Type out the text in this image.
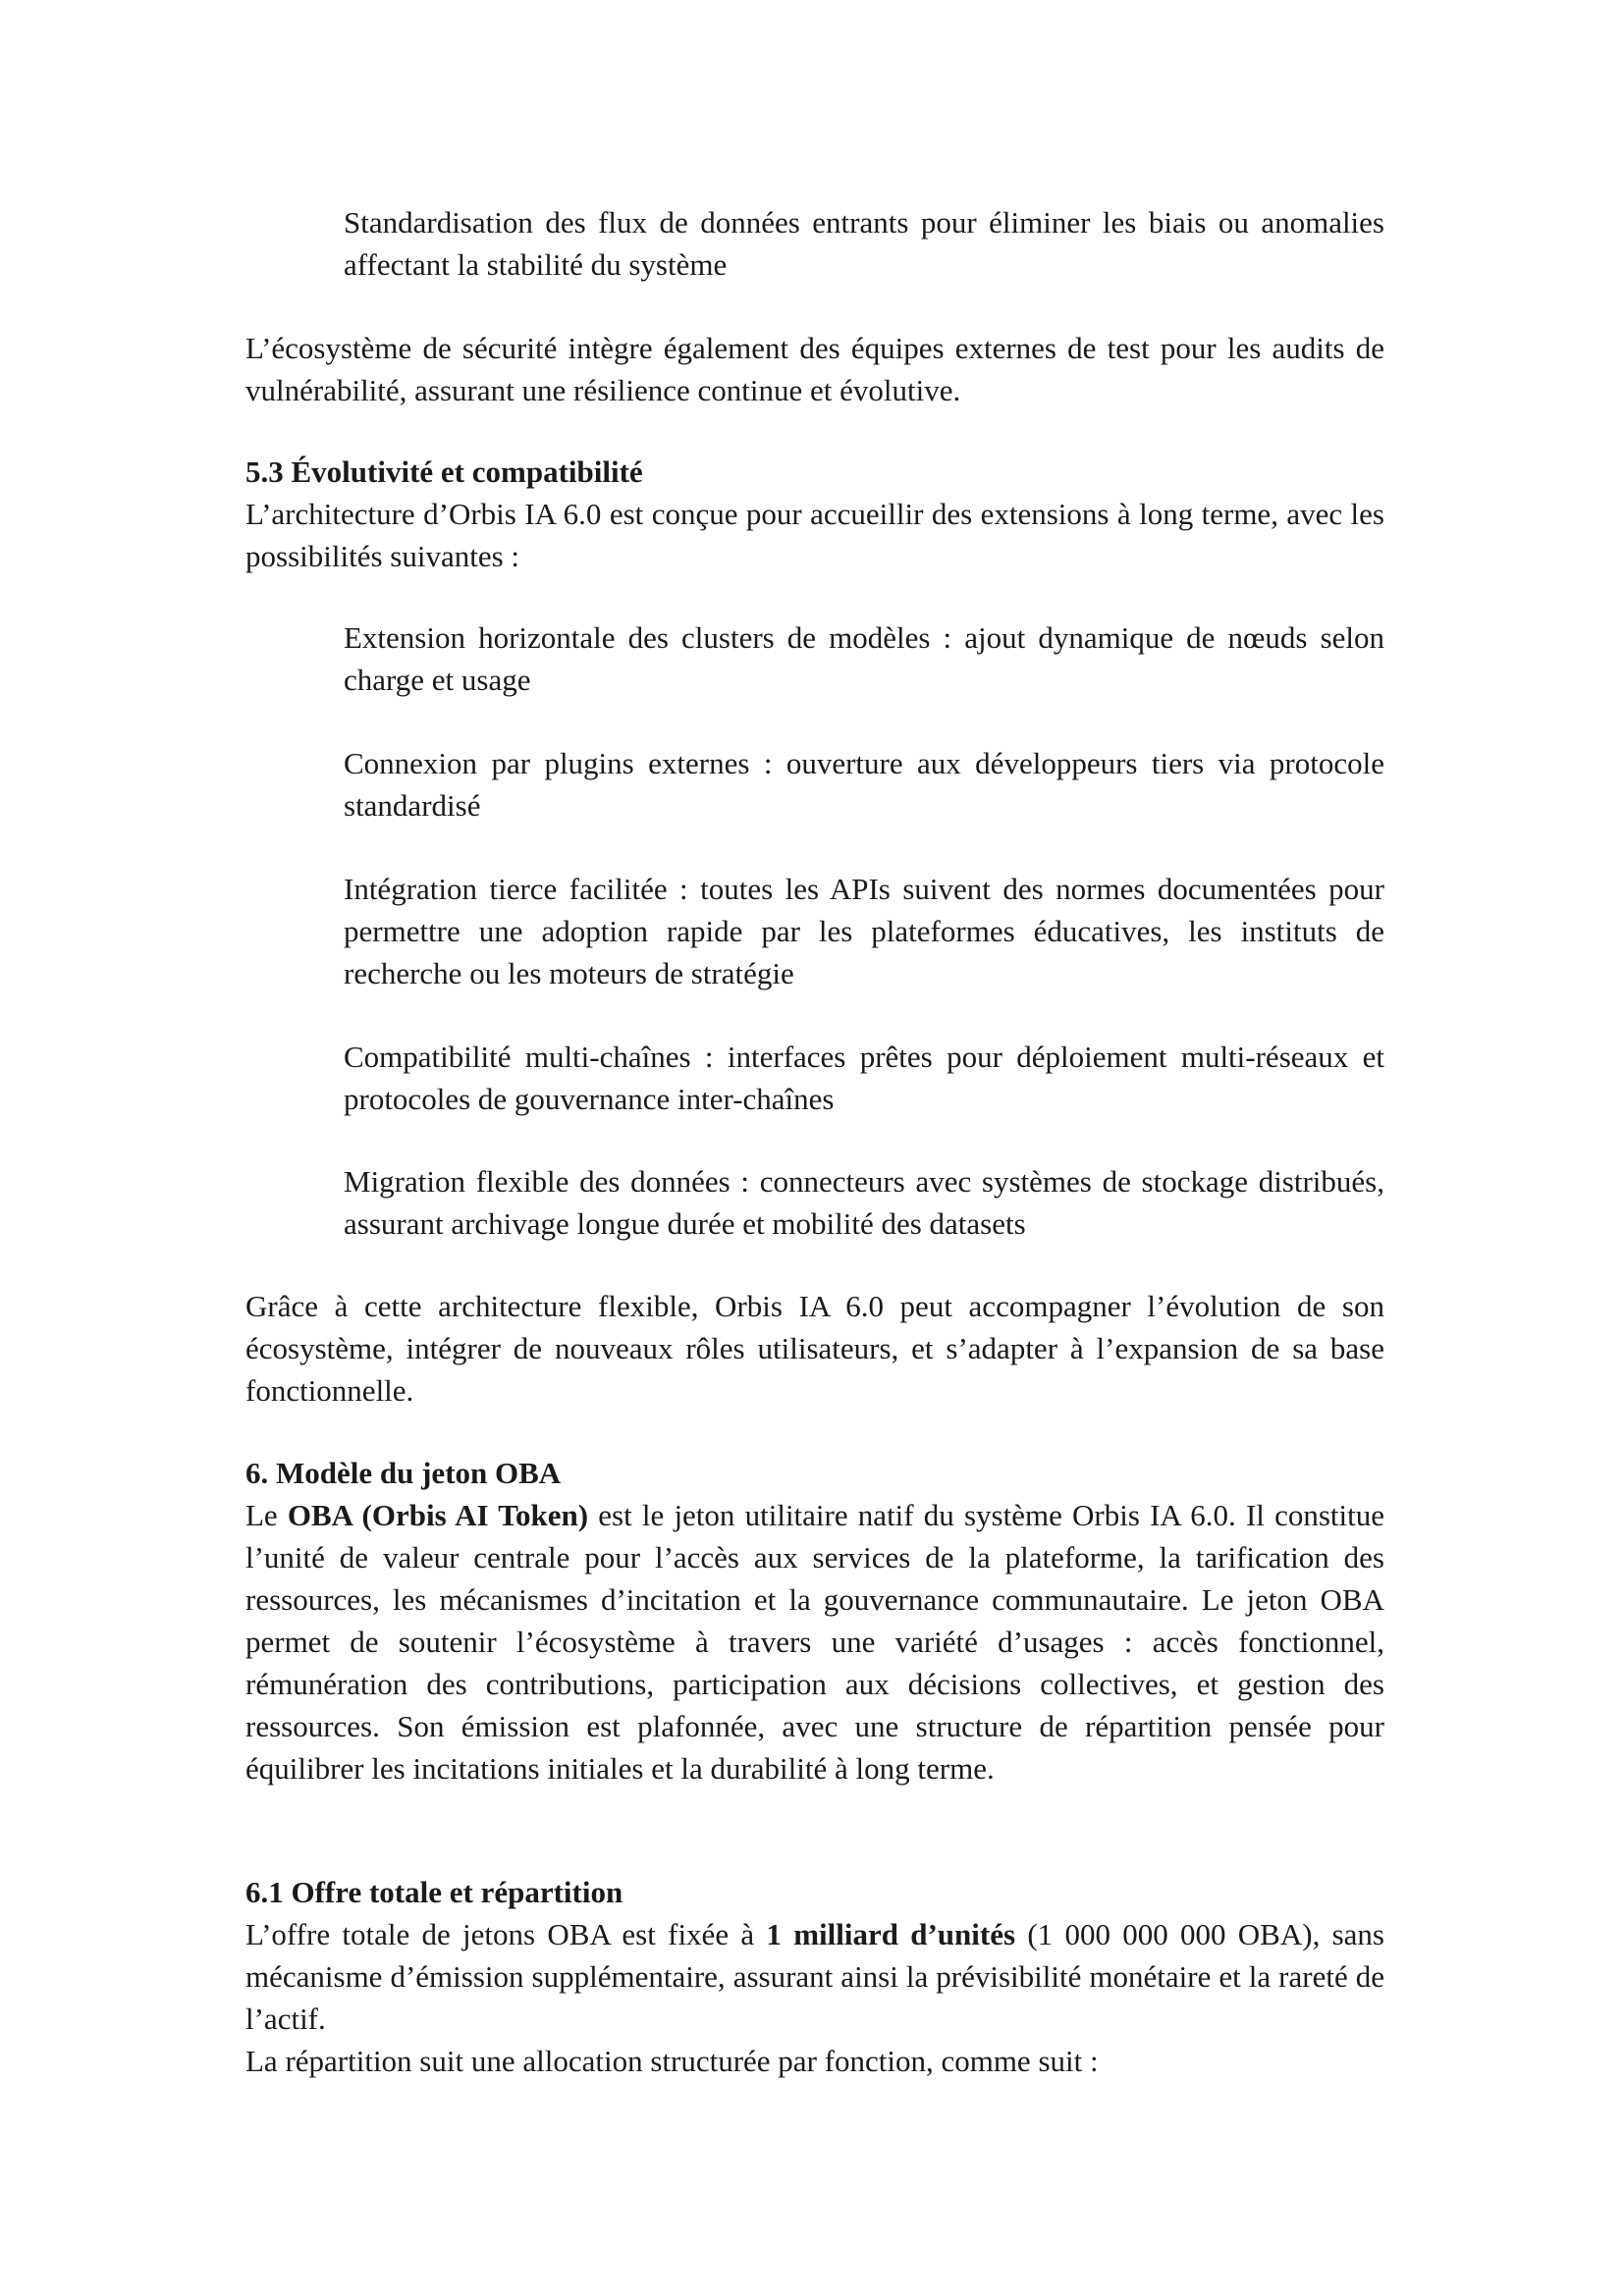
Standardisation des flux de données entrants pour éliminer les biais ou anomalies affectant la stabilité du système

L’écosystème de sécurité intègre également des équipes externes de test pour les audits de vulnérabilité, assurant une résilience continue et évolutive.

5.3 Évolutivité et compatibilité

L’architecture d’Orbis IA 6.0 est conçue pour accueillir des extensions à long terme, avec les possibilités suivantes :

Extension horizontale des clusters de modèles : ajout dynamique de nœuds selon charge et usage

Connexion par plugins externes : ouverture aux développeurs tiers via protocole standardisé

Intégration tierce facilitée : toutes les APIs suivent des normes documentées pour permettre une adoption rapide par les plateformes éducatives, les instituts de recherche ou les moteurs de stratégie

Compatibilité multi-chaînes : interfaces prêtes pour déploiement multi-réseaux et protocoles de gouvernance inter-chaînes

Migration flexible des données : connecteurs avec systèmes de stockage distribués, assurant archivage longue durée et mobilité des datasets

Grâce à cette architecture flexible, Orbis IA 6.0 peut accompagner l’évolution de son écosystème, intégrer de nouveaux rôles utilisateurs, et s’adapter à l’expansion de sa base fonctionnelle.

6. Modèle du jeton OBA

Le OBA (Orbis AI Token) est le jeton utilitaire natif du système Orbis IA 6.0. Il constitue l’unité de valeur centrale pour l’accès aux services de la plateforme, la tarification des ressources, les mécanismes d’incitation et la gouvernance communautaire. Le jeton OBA permet de soutenir l’écosystème à travers une variété d’usages : accès fonctionnel, rémunération des contributions, participation aux décisions collectives, et gestion des ressources. Son émission est plafonnée, avec une structure de répartition pensée pour équilibrer les incitations initiales et la durabilité à long terme.

6.1 Offre totale et répartition

L’offre totale de jetons OBA est fixée à 1 milliard d’unités (1 000 000 000 OBA), sans mécanisme d’émission supplémentaire, assurant ainsi la prévisibilité monétaire et la rareté de l’actif.

La répartition suit une allocation structurée par fonction, comme suit :
